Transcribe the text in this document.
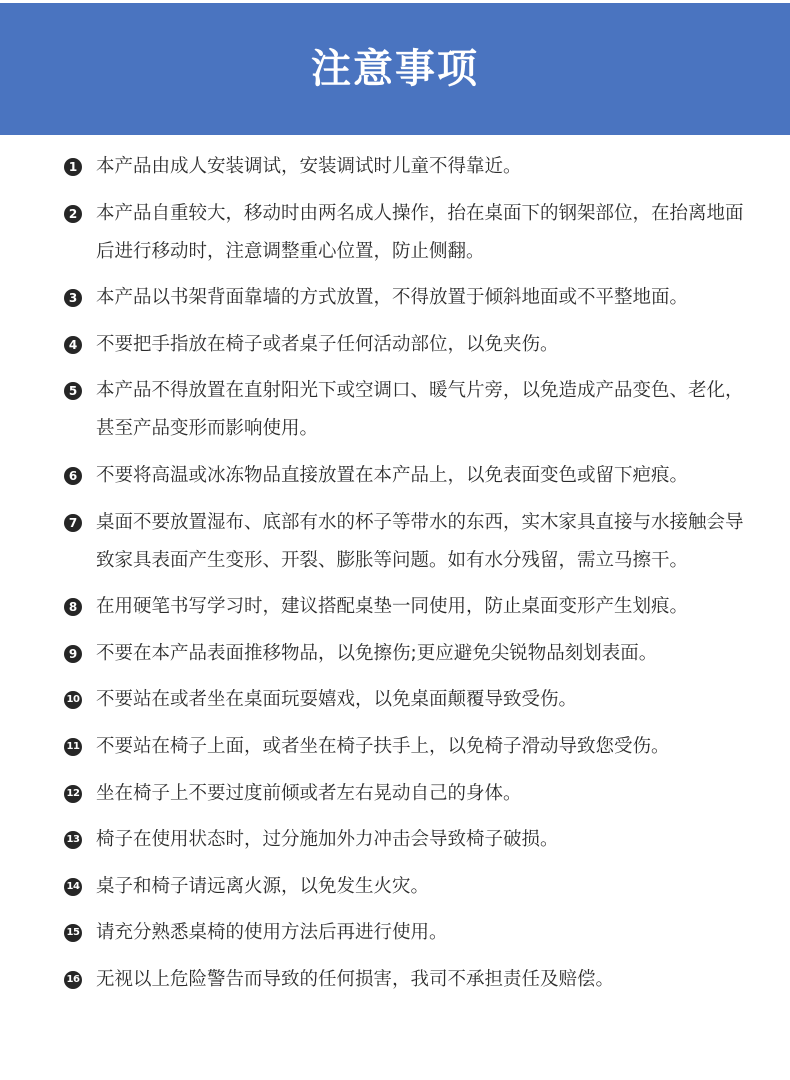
注意事项
1 本产品由成人安装调试，安装调试时儿童不得靠近。
2 本产品自重较大，移动时由两名成人操作，抬在桌面下的钢架部位，在抬离地面后进行移动时，注意调整重心位置，防止侧翻。
3 本产品以书架背面靠墙的方式放置，不得放置于倾斜地面或不平整地面。
4 不要把手指放在椅子或者桌子任何活动部位，以免夹伤。
5 本产品不得放置在直射阳光下或空调口、暖气片旁，以免造成产品变色、老化，甚至产品变形而影响使用。
6 不要将高温或冰冻物品直接放置在本产品上，以免表面变色或留下疤痕。
7 桌面不要放置湿布、底部有水的杯子等带水的东西，实木家具直接与水接触会导致家具表面产生变形、开裂、膨胀等问题。如有水分残留，需立马擦干。
8 在用硬笔书写学习时，建议搭配桌垫一同使用，防止桌面变形产生划痕。
9 不要在本产品表面推移物品，以免擦伤;更应避免尖锐物品刻划表面。
10 不要站在或者坐在桌面玩耍嬉戏，以免桌面颠覆导致受伤。
11 不要站在椅子上面，或者坐在椅子扶手上，以免椅子滑动导致您受伤。
12 坐在椅子上不要过度前倾或者左右晃动自己的身体。
13 椅子在使用状态时，过分施加外力冲击会导致椅子破损。
14 桌子和椅子请远离火源，以免发生火灾。
15 请充分熟悉桌椅的使用方法后再进行使用。
16 无视以上危险警告而导致的任何损害，我司不承担责任及赔偿。
